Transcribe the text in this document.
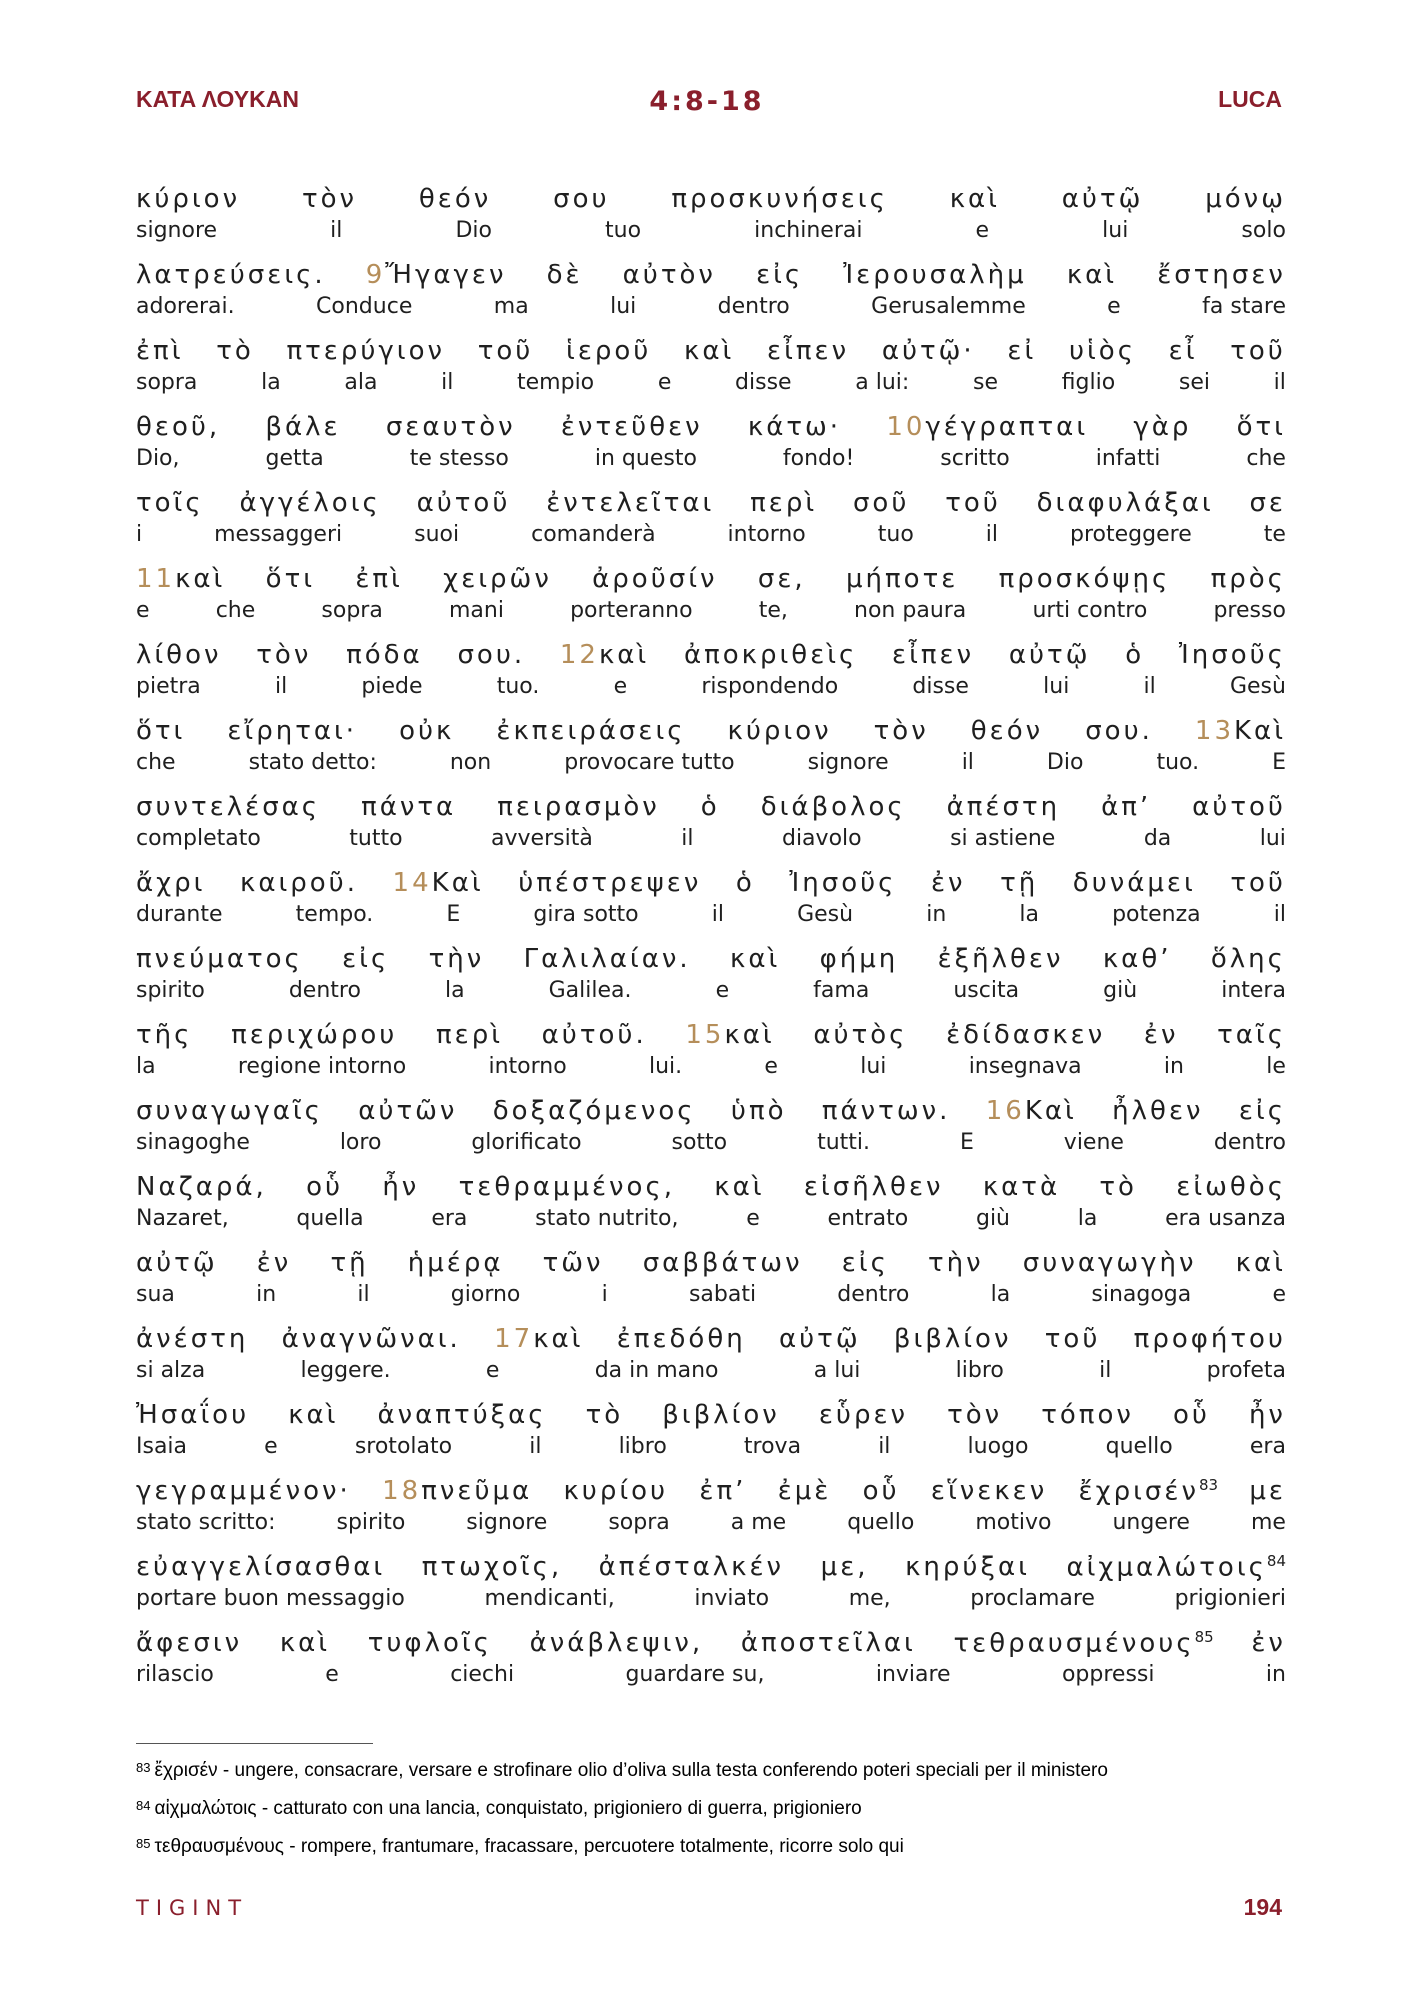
ΚΑΤΑ ΛΟΥΚΑΝ	4:8-18	LUCA
κύριον τὸν θεόν σου προσκυνήσεις καὶ αὐτῷ μόνῳ
signore	il	Dio	tuo	inchinerai	e	lui	solo
λατρεύσεις. 9Ἤγαγεν δὲ αὐτὸν εἰς Ἰερουσαλὴμ καὶ ἔστησεν
adorerai.	Conduce	ma	lui	dentro	Gerusalemme	e	fa stare
ἐπὶ τὸ πτερύγιον τοῦ ἱεροῦ καὶ εἶπεν αὐτῷ· εἰ υἱὸς εἶ τοῦ
sopra	la	ala	il	tempio	e	disse	a lui:	se	figlio	sei	il
θεοῦ, βάλε σεαυτὸν ἐντεῦθεν κάτω· 10γέγραπται γὰρ ὅτι
Dio,	getta	te stesso	in questo	fondo!	scritto	infatti	che
τοῖς ἀγγέλοις αὐτοῦ ἐντελεῖται περὶ σοῦ τοῦ διαφυλάξαι σε
i	messaggeri	suoi	comanderà	intorno	tuo	il	proteggere	te
11καὶ ὅτι ἐπὶ χειρῶν ἀροῦσίν σε, μήποτε προσκόψῃς πρὸς
e	che	sopra	mani	porteranno	te,	non paura	urti contro	presso
λίθον τὸν πόδα σου. 12καὶ ἀποκριθεὶς εἶπεν αὐτῷ ὁ Ἰησοῦς
pietra	il	piede	tuo.	e	rispondendo	disse	lui	il	Gesù
ὅτι εἴρηται· οὐκ ἐκπειράσεις κύριον τὸν θεόν σου. 13Καὶ
che	stato detto:	non	provocare tutto	signore	il	Dio	tuo.	E
συντελέσας πάντα πειρασμὸν ὁ διάβολος ἀπέστη ἀπ’ αὐτοῦ
completato	tutto	avversità	il	diavolo	si astiene	da	lui
ἄχρι καιροῦ. 14Καὶ ὑπέστρεψεν ὁ Ἰησοῦς ἐν τῇ δυνάμει τοῦ
durante	tempo.	E	gira sotto	il	Gesù	in	la	potenza	il
πνεύματος εἰς τὴν Γαλιλαίαν. καὶ φήμη ἐξῆλθεν καθ’ ὅλης
spirito	dentro	la	Galilea.	e	fama	uscita	giù	intera
τῆς περιχώρου περὶ αὐτοῦ. 15καὶ αὐτὸς ἐδίδασκεν ἐν ταῖς
la	regione intorno	intorno	lui.	e	lui	insegnava	in	le
συναγωγαῖς αὐτῶν δοξαζόμενος ὑπὸ πάντων. 16Καὶ ἦλθεν εἰς
sinagoghe	loro	glorificato	sotto	tutti.	E	viene	dentro
Ναζαρά, οὗ ἦν τεθραμμένος, καὶ εἰσῆλθεν κατὰ τὸ εἰωθὸς
Nazaret,	quella	era	stato nutrito,	e	entrato	giù	la	era usanza
αὐτῷ ἐν τῇ ἡμέρᾳ τῶν σαββάτων εἰς τὴν συναγωγὴν καὶ
sua	in	il	giorno	i	sabati	dentro	la	sinagoga	e
ἀνέστη ἀναγνῶναι. 17καὶ ἐπεδόθη αὐτῷ βιβλίον τοῦ προφήτου
si alza	leggere.	e	da in mano	a lui	libro	il	profeta
Ἠσαΐου καὶ ἀναπτύξας τὸ βιβλίον εὗρεν τὸν τόπον οὗ ἦν
Isaia	e	srotolato	il	libro	trova	il	luogo	quello	era
γεγραμμένον· 18πνεῦμα κυρίου ἐπ’ ἐμὲ οὗ εἵνεκεν ἔχρισέν$^{83}$ με
stato scritto:	spirito	signore	sopra	a me	quello	motivo	ungere	me
εὐαγγελίσασθαι πτωχοῖς, ἀπέσταλκέν με, κηρύξαι αἰχμαλώτοις$^{84}$
portare buon messaggio	mendicanti,	inviato	me,	proclamare	prigionieri
ἄφεσιν καὶ τυφλοῖς ἀνάβλεψιν, ἀποστεῖλαι τεθραυσμένους$^{85}$ ἐν
rilascio	e	ciechi	guardare su,	inviare	oppressi	in
$^{83}$ ἔχρισέν - ungere, consacrare, versare e strofinare olio d’oliva sulla testa conferendo poteri speciali per il ministero
$^{84}$ αἰχμαλώτοις - catturato con una lancia, conquistato, prigioniero di guerra, prigioniero
$^{85}$ τεθραυσμένους - rompere, frantumare, fracassare, percuotere totalmente, ricorre solo qui
TIGINT	194
